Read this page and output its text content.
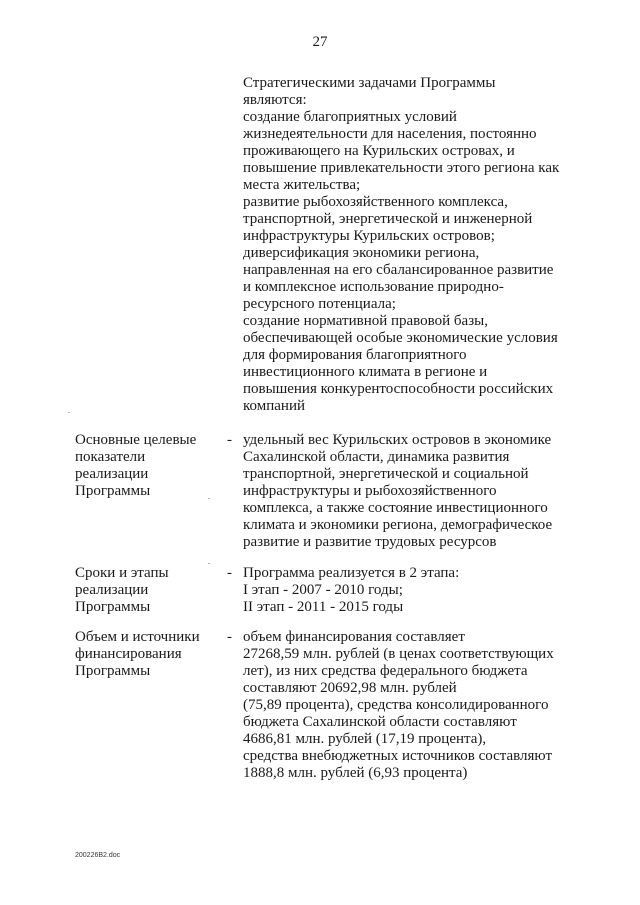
27
Стратегическими задачами Программы
являются:
создание благоприятных условий
жизнедеятельности для населения, постоянно
проживающего на Курильских островах, и
повышение привлекательности этого региона как
места жительства;
развитие рыбохозяйственного комплекса,
транспортной, энергетической и инженерной
инфраструктуры Курильских островов;
диверсификация экономики региона,
направленная на его сбалансированное развитие
и комплексное использование природно-
ресурсного потенциала;
создание нормативной правовой базы,
обеспечивающей особые экономические условия
для формирования благоприятного
инвестиционного климата в регионе и
повышения конкурентоспособности российских
компаний
Основные целевые
показатели
реализации
Программы
- удельный вес Курильских островов в экономике
Сахалинской области, динамика развития
транспортной, энергетической и социальной
инфраструктуры и рыбохозяйственного
комплекса, а также состояние инвестиционного
климата и экономики региона, демографическое
развитие и развитие трудовых ресурсов
Сроки и этапы
реализации
Программы
- Программа реализуется в 2 этапа:
I этап - 2007 - 2010 годы;
II этап - 2011 - 2015 годы
Объем и источники
финансирования
Программы
- объем финансирования составляет
27268,59 млн. рублей (в ценах соответствующих
лет), из них средства федерального бюджета
составляют 20692,98 млн. рублей
(75,89 процента), средства консолидированного
бюджета Сахалинской области составляют
4686,81 млн. рублей (17,19 процента),
средства внебюджетных источников составляют
1888,8 млн. рублей (6,93 процента)
200226B2.doc
